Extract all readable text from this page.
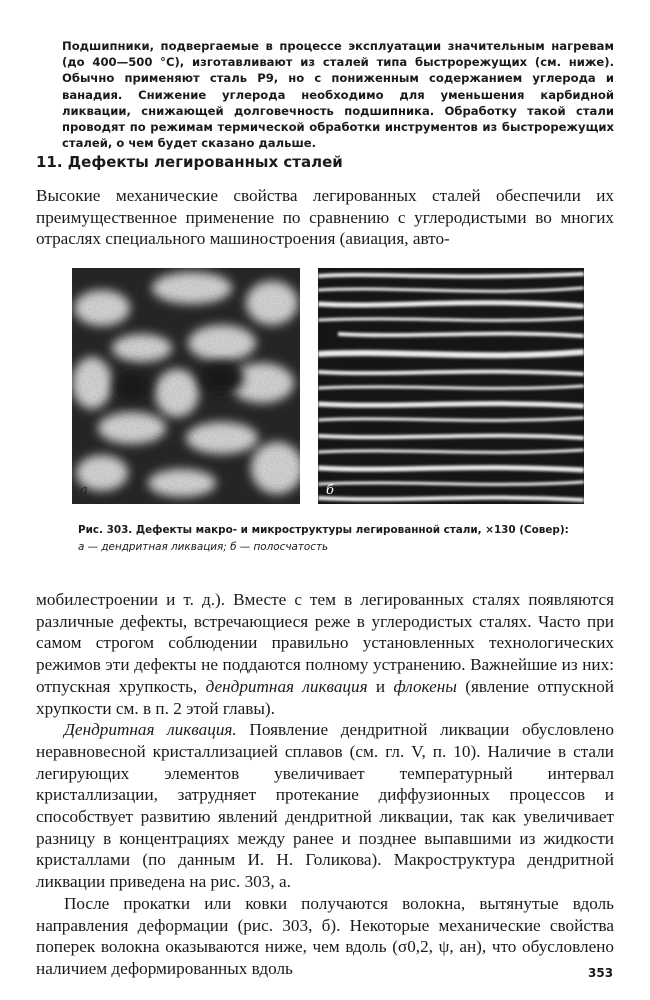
Подшипники, подвергаемые в процессе эксплуатации значительным нагревам (до 400—500 °С), изготавливают из сталей типа быстрорежущих (см. ниже). Обычно применяют сталь Р9, но с пониженным содержанием углерода и ванадия. Снижение углерода необходимо для уменьшения карбидной ликвации, снижающей долговечность подшипника. Обработку такой стали проводят по режимам термической обработки инструментов из быстрорежущих сталей, о чем будет сказано дальше.

11. Дефекты легированных сталей

Высокие механические свойства легированных сталей обеспечили их преимущественное применение по сравнению с углеродистыми во многих отраслях специального машиностроения (авиация, авто-

а	б

Рис. 303. Дефекты макро- и микроструктуры легированной стали, ×130 (Совер):
а — дендритная ликвация; б — полосчатость

мобилестроении и т. д.). Вместе с тем в легированных сталях появляются различные дефекты, встречающиеся реже в углеродистых сталях. Часто при самом строгом соблюдении правильно установленных технологических режимов эти дефекты не поддаются полному устранению. Важнейшие из них: отпускная хрупкость, дендритная ликвация и флокены (явление отпускной хрупкости см. в п. 2 этой главы).

Дендритная ликвация. Появление дендритной ликвации обусловлено неравновесной кристаллизацией сплавов (см. гл. V, п. 10). Наличие в стали легирующих элементов увеличивает температурный интервал кристаллизации, затрудняет протекание диффузионных процессов и способствует развитию явлений дендритной ликвации, так как увеличивает разницу в концентрациях между ранее и позднее выпавшими из жидкости кристаллами (по данным И. Н. Голикова). Макроструктура дендритной ликвации приведена на рис. 303, а.

После прокатки или ковки получаются волокна, вытянутые вдоль направления деформации (рис. 303, б). Некоторые механические свойства поперек волокна оказываются ниже, чем вдоль (σ0,2, ψ, aн), что обусловлено наличием деформированных вдоль	353
